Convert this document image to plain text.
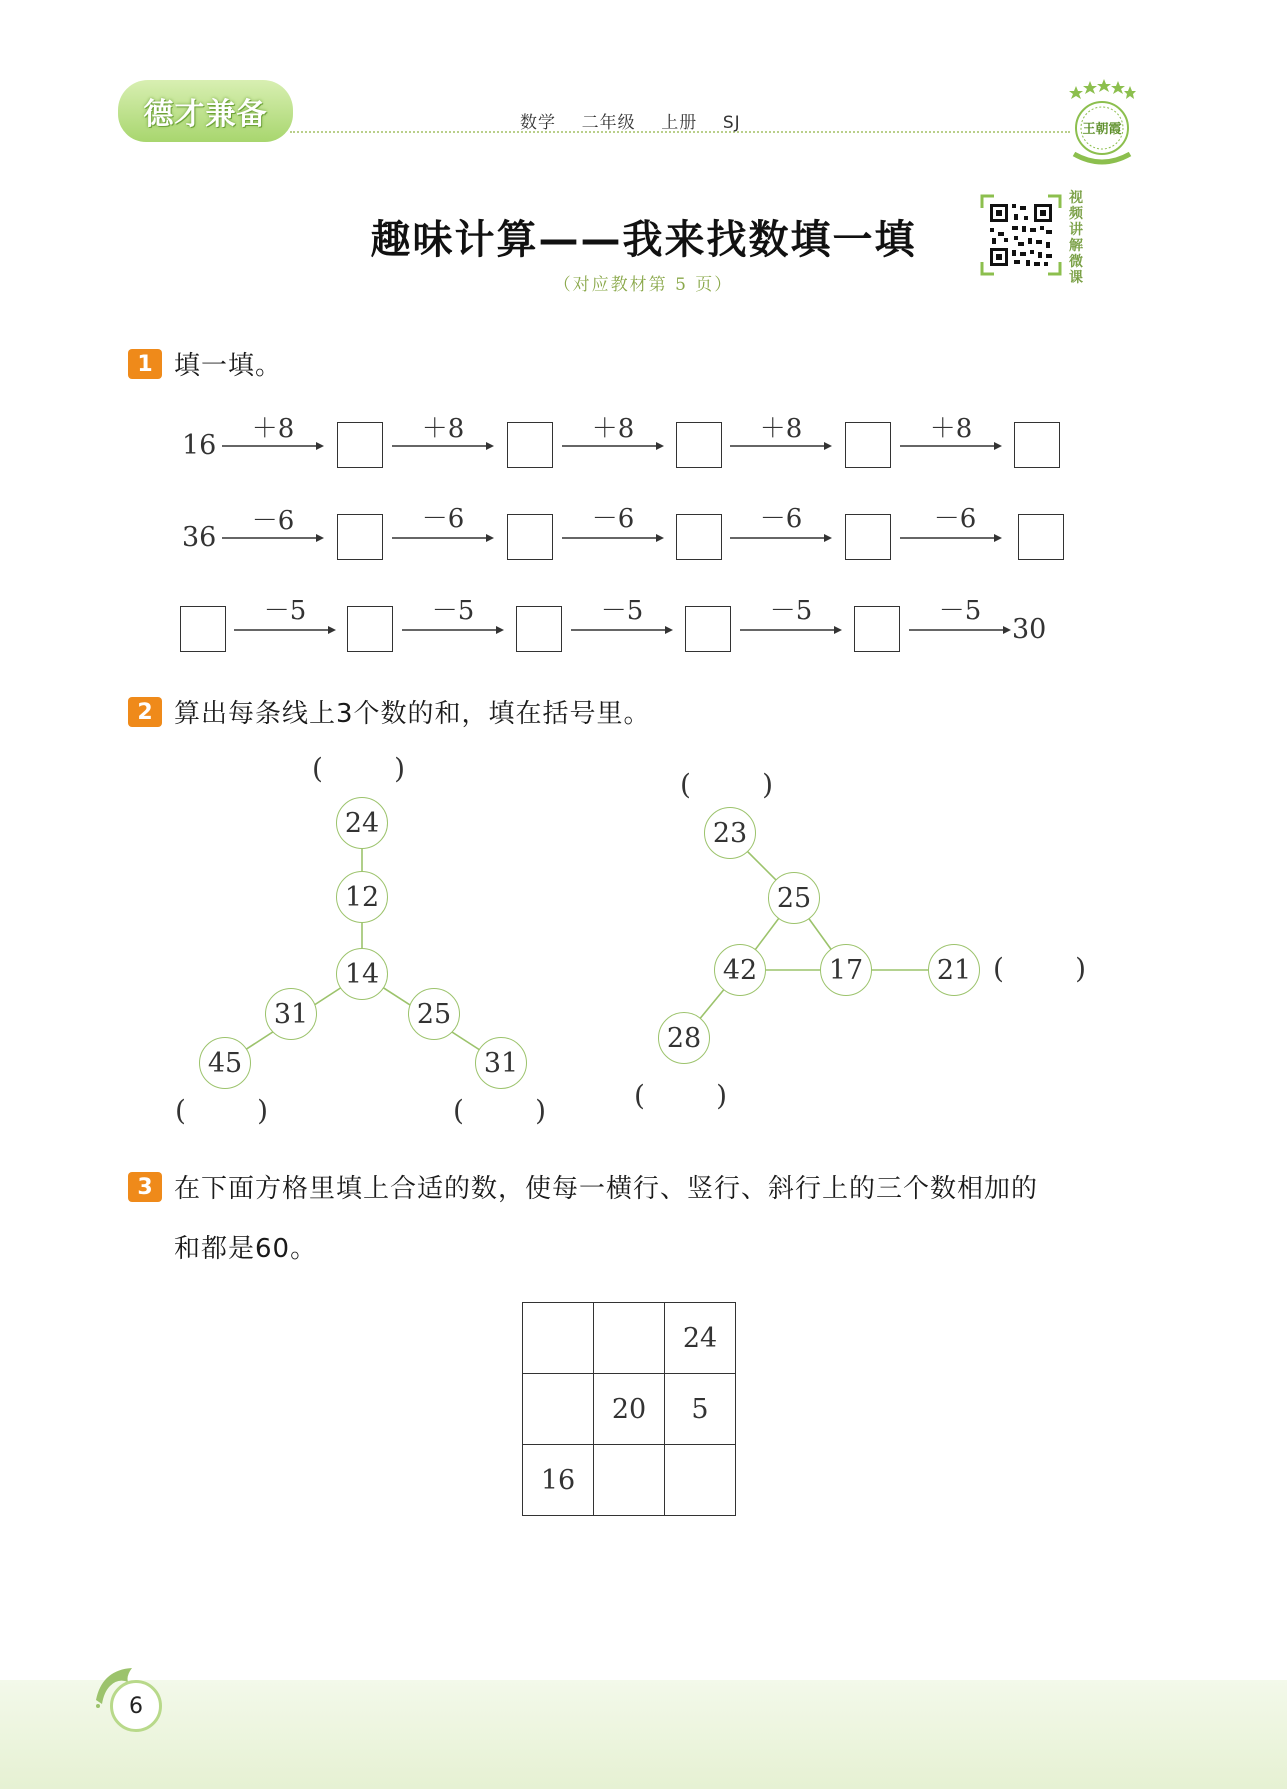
德才兼备	数学    二年级    上册    SJ	王朝霞
趣味计算——我来找数填一填
（对应教材第 5 页）
视频讲解微课
1 填一填。
16
＋8	＋8	＋8	＋8	＋8
36
－6	－6	－6	－6	－6
－5	－5	－5	－5	－5
30
2 算出每条线上3个数的和，填在括号里。
24
12
14
31
45
25
31
(        )
(        )	(        )
23
25
42	17	21
28
(        )
(        )
(        )
3 在下面方格里填上合适的数，使每一横行、竖行、斜行上的三个数相加的
和都是60。
		24
	20	5
16		
6
